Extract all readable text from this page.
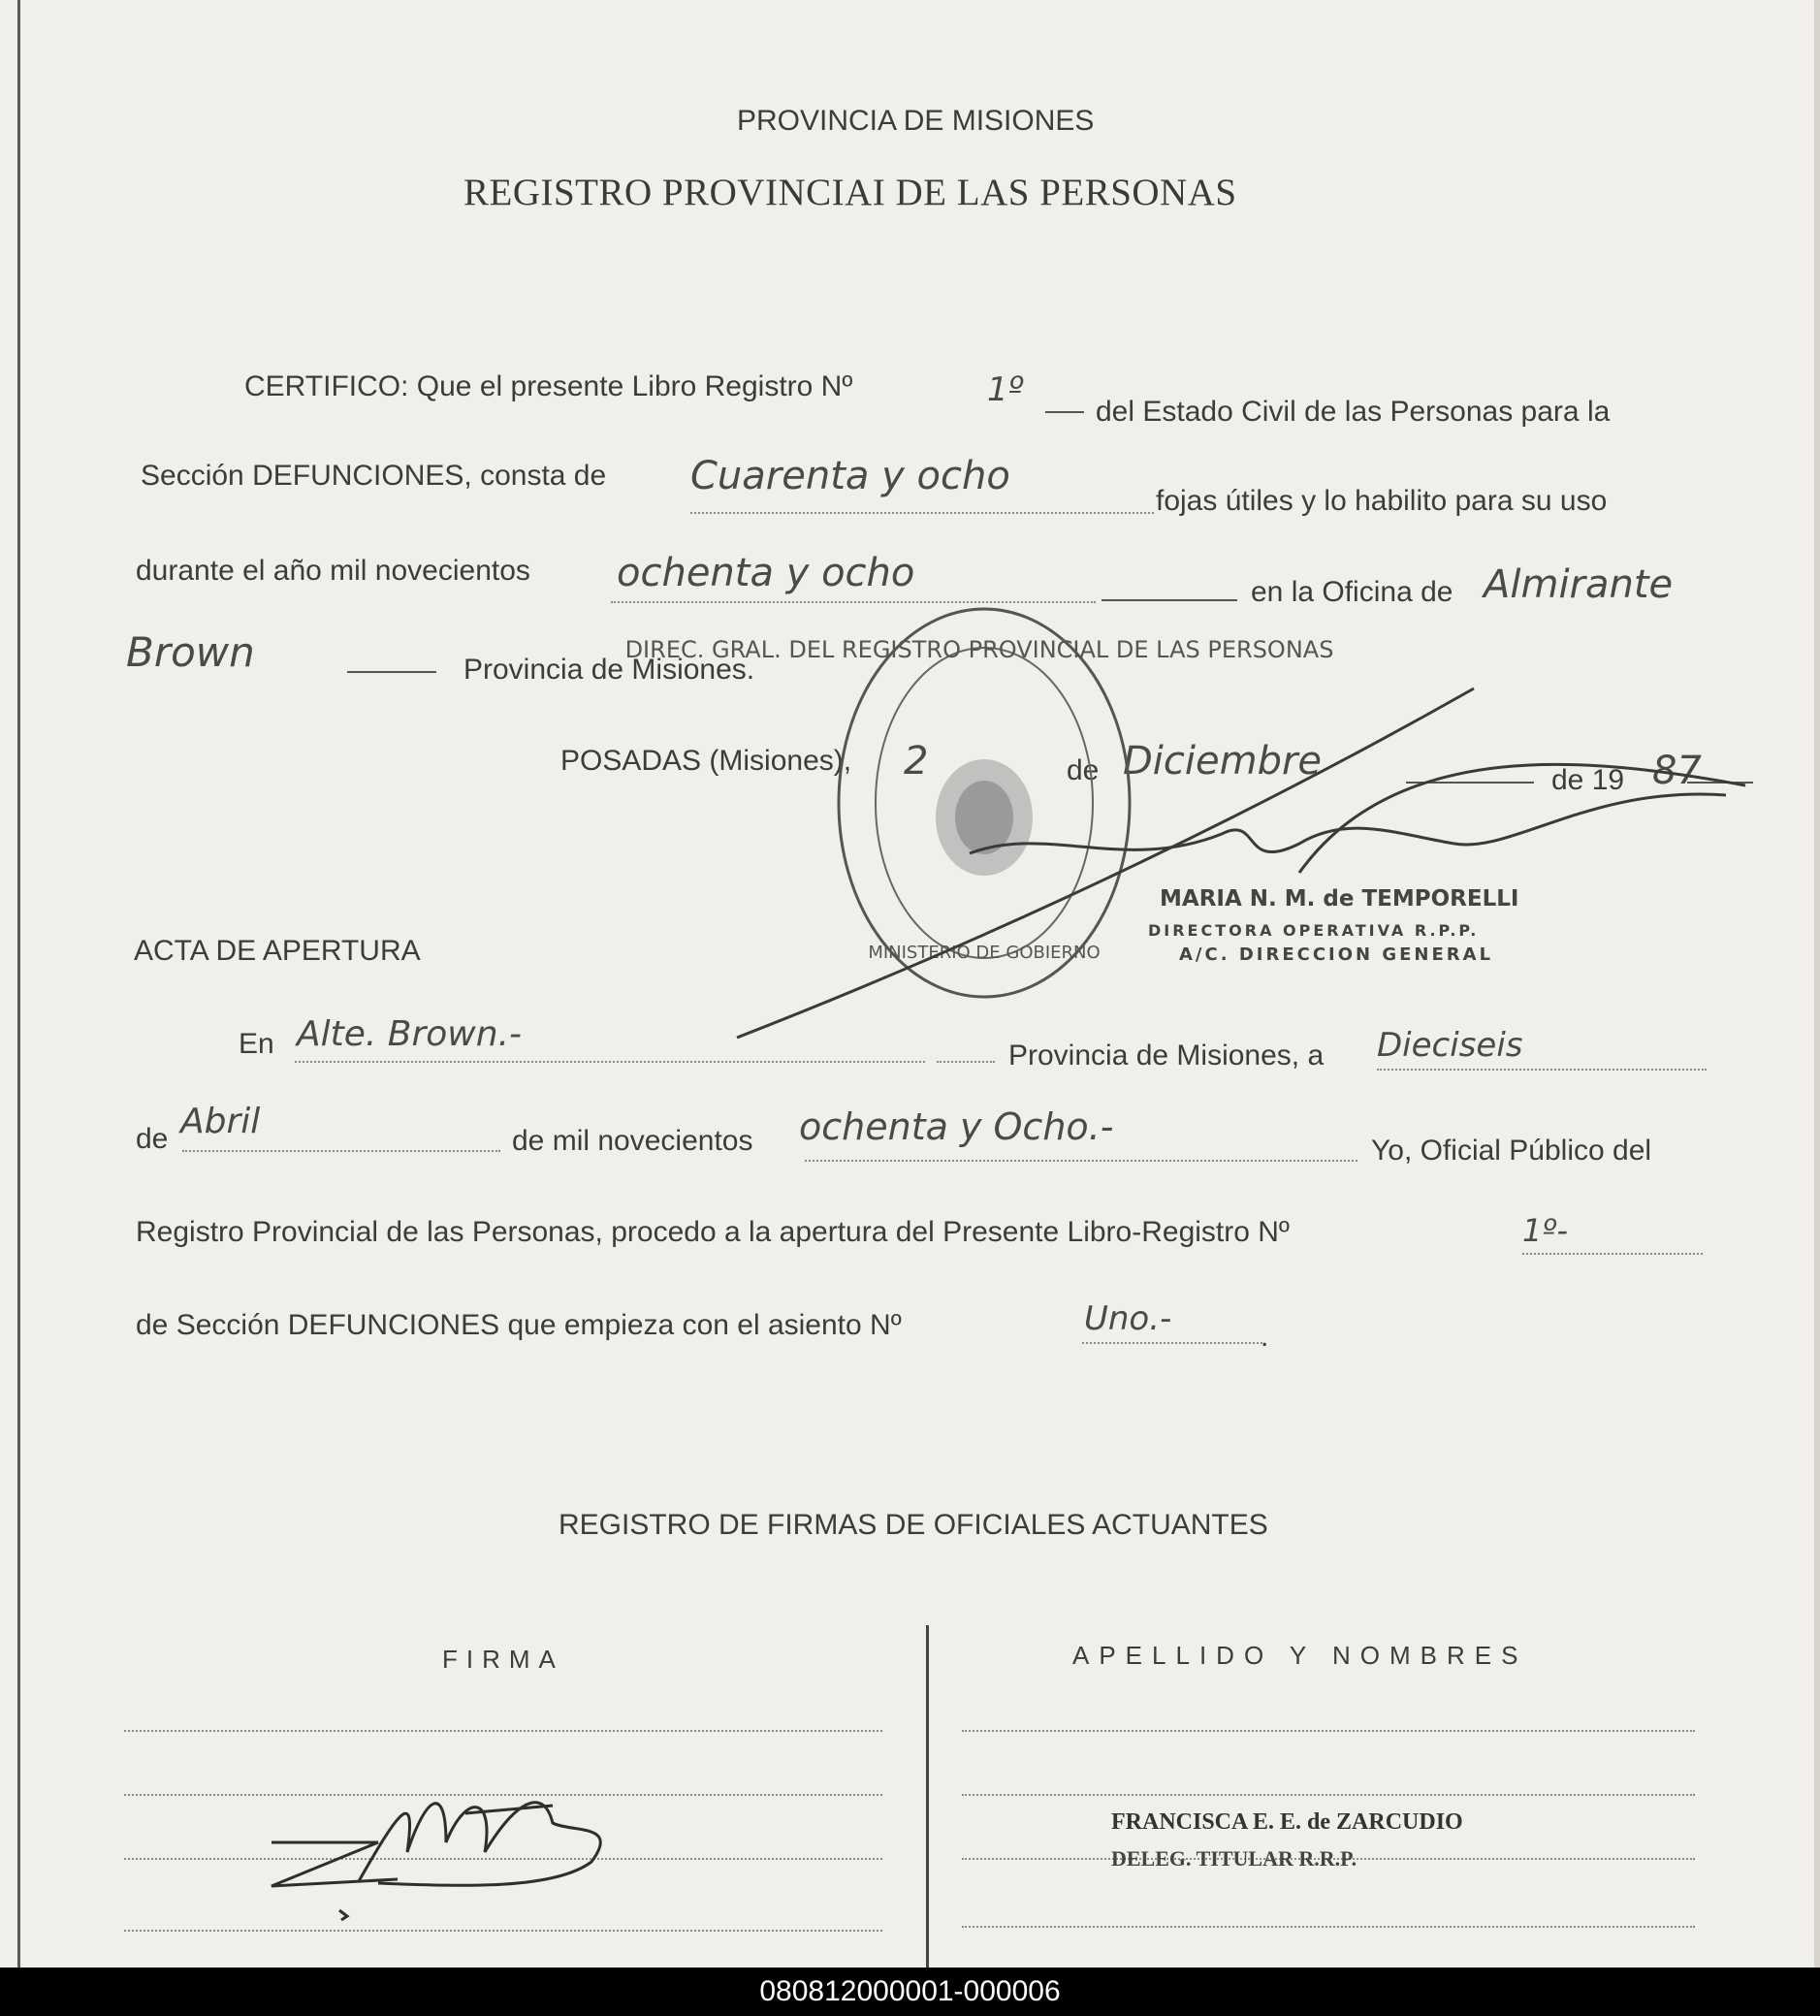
PROVINCIA DE MISIONES
REGISTRO PROVINCIAI DE LAS PERSONAS
CERTIFICO: Que el presente Libro Registro Nº	1º
del Estado Civil de las Personas para la
Sección DEFUNCIONES, consta de Cuarenta y ocho
fojas útiles y lo habilito para su uso
durante el año mil novecientos ochenta y ocho	en la Oficina de Almirante
Brown	Provincia de Misiones.
POSADAS (Misiones), 2	de Diciembre	de 19 87
DIREC. GRAL. DEL REGISTRO PROVINCIAL DE LAS PERSONAS
MINISTERIO DE GOBIERNO
MARIA N. M. de TEMPORELLI
DIRECTORA OPERATIVA R.P.P.
A/C. DIRECCION GENERAL
ACTA DE APERTURA
En Alte. Brown.-
Provincia de Misiones, a Dieciseis
de Abril	de mil novecientos ochenta y Ocho.-
Yo, Oficial Público del
Registro Provincial de las Personas, procedo a la apertura del Presente Libro-Registro Nº	1º-
de Sección DEFUNCIONES que empieza con el asiento Nº	Uno.-	.
REGISTRO DE FIRMAS DE OFICIALES ACTUANTES
FIRMA	APELLIDO Y NOMBRES
FRANCISCA E. E. de ZARCUDIO
DELEG. TITULAR R.R.P.
080812000001-000006
